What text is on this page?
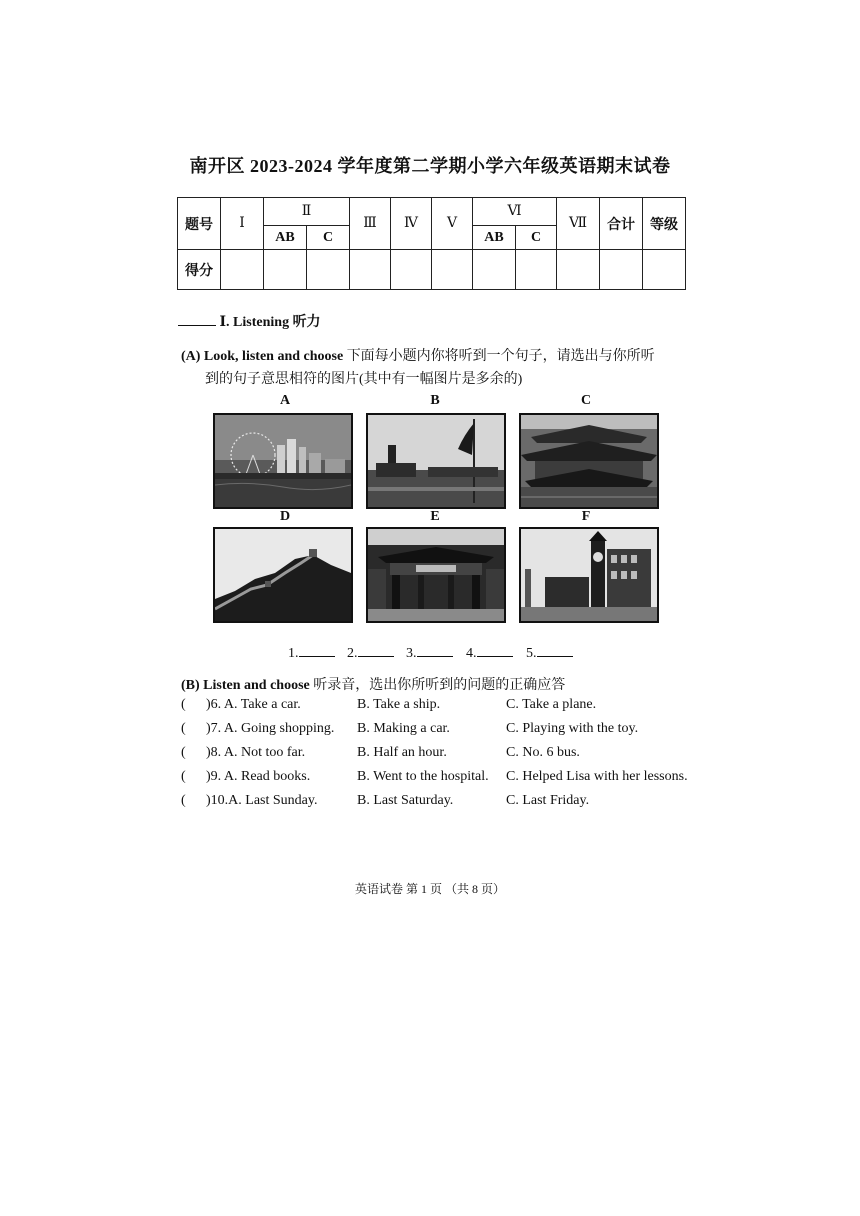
南开区 2023-2024 学年度第二学期小学六年级英语期末试卷
题号	Ⅰ	Ⅱ		Ⅲ	Ⅳ	Ⅴ	Ⅵ		Ⅶ	合计	等级
		AB	C				AB	C			
得分											
Ⅰ. Listening 听力
(A) Look, listen and choose 下面每小题内你将听到一个句子，请选出与你所听
到的句子意思相符的图片(其中有一幅图片是多余的)
A	B	C
D	E	F
1.	2.	3.	4.	5.
(B) Listen and choose 听录音，选出你所听到的问题的正确应答
( )6. A. Take a car.	B. Take a ship.	C. Take a plane.
( )7. A. Going shopping. B. Making a car.	C. Playing with the toy.
( )8. A. Not too far.	B. Half an hour.	C. No. 6 bus.
( )9. A. Read books.	B. Went to the hospital. C. Helped Lisa with her lessons.
( )10.A. Last Sunday.	B. Last Saturday.	C. Last Friday.
英语试卷 第 1 页 （共 8 页）
